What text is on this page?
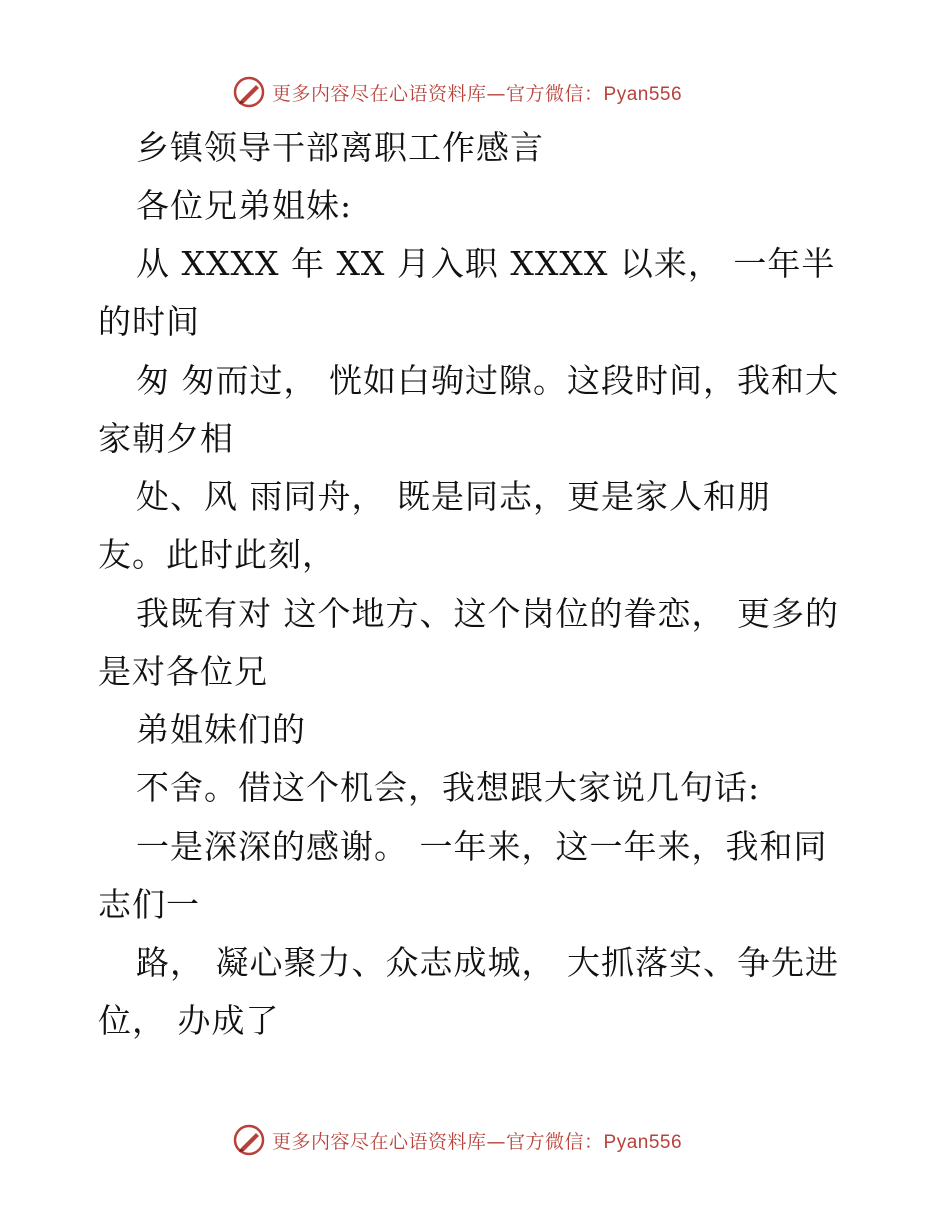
更多内容尽在心语资料库—官方微信：Pyan556
乡镇领导干部离职工作感言
各位兄弟姐妹:
从 XXXX 年 XX 月入职 XXXX 以来， 一年半
的时间
匆 匆而过， 恍如白驹过隙。这段时间，我和大
家朝夕相
处、风 雨同舟， 既是同志，更是家人和朋
友。此时此刻，
我既有对 这个地方、这个岗位的眷恋， 更多的
是对各位兄
弟姐妹们的
不舍。借这个机会，我想跟大家说几句话:
一是深深的感谢。 一年来，这一年来，我和同
志们一
路， 凝心聚力、众志成城， 大抓落实、争先进
位， 办成了
更多内容尽在心语资料库—官方微信：Pyan556
